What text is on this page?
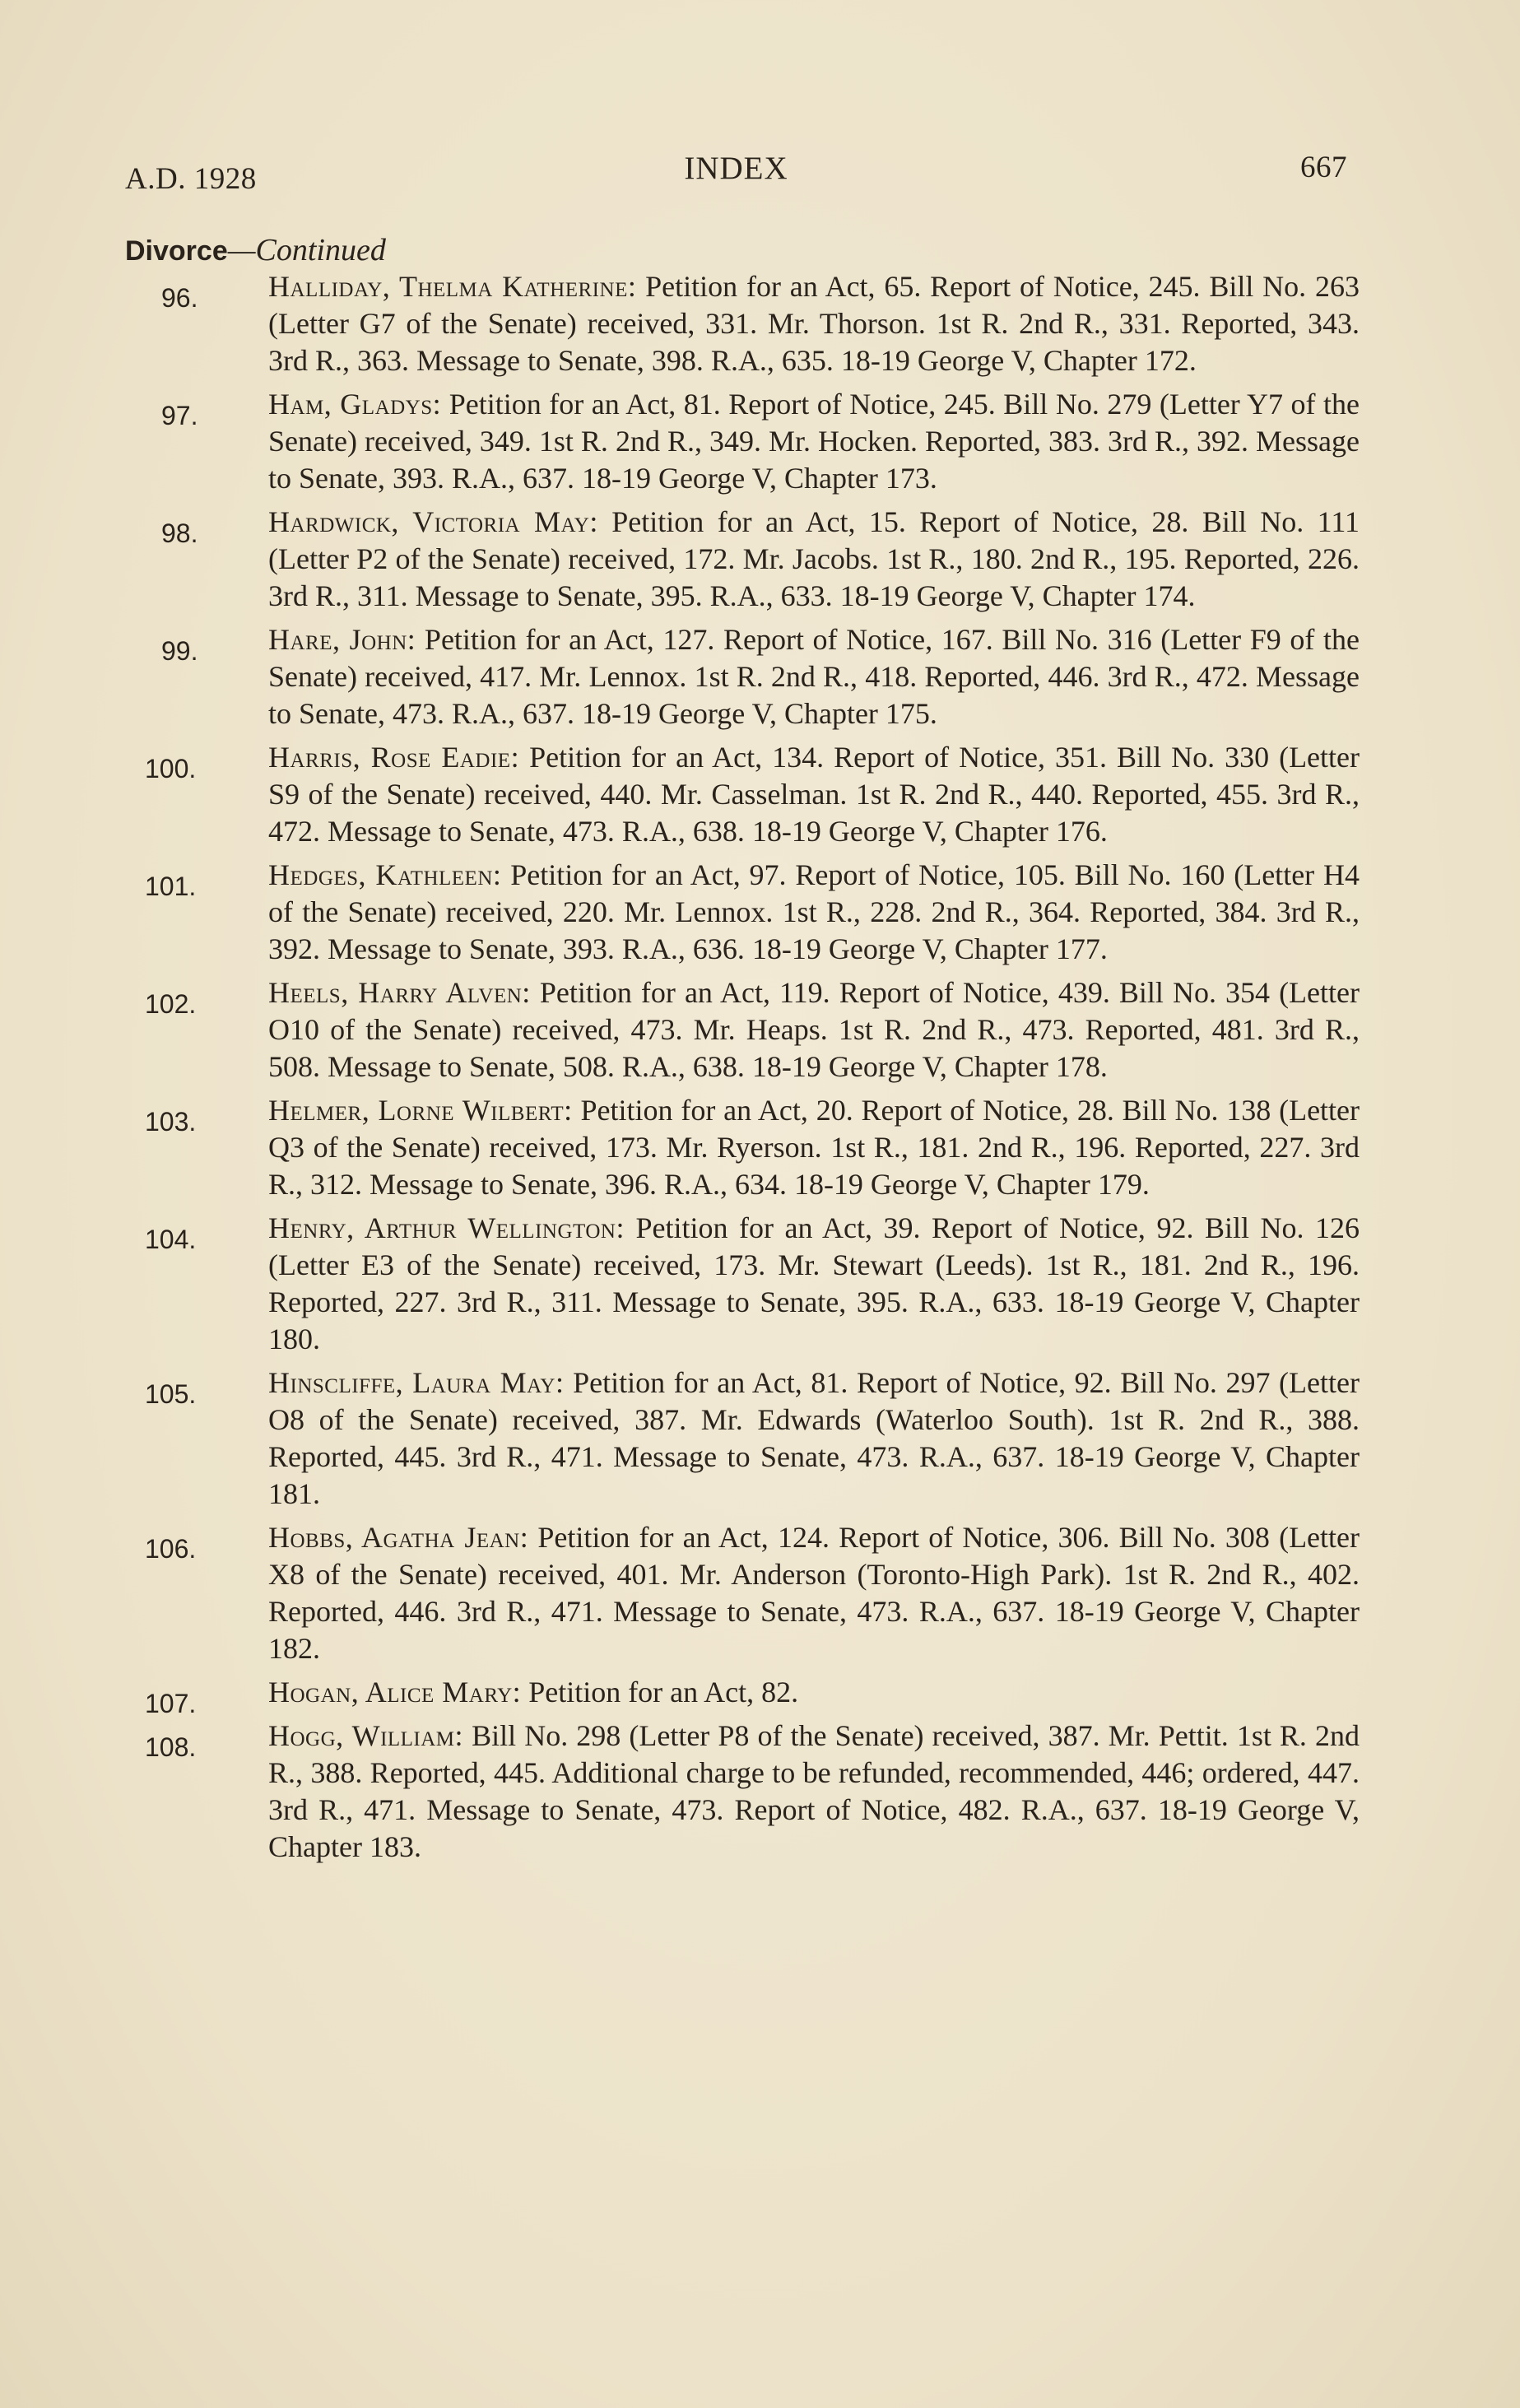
A.D. 1928	INDEX	667
Divorce—Continued
96.	Halliday, Thelma Katherine: Petition for an Act, 65. Report of Notice, 245. Bill No. 263 (Letter G7 of the Senate) received, 331. Mr. Thorson. 1st R. 2nd R., 331. Reported, 343. 3rd R., 363. Message to Senate, 398. R.A., 635. 18-19 George V, Chapter 172.
97.	Ham, Gladys: Petition for an Act, 81. Report of Notice, 245. Bill No. 279 (Letter Y7 of the Senate) received, 349. 1st R. 2nd R., 349. Mr. Hocken. Reported, 383. 3rd R., 392. Message to Senate, 393. R.A., 637. 18-19 George V, Chapter 173.
98.	Hardwick, Victoria May: Petition for an Act, 15. Report of Notice, 28. Bill No. 111 (Letter P2 of the Senate) received, 172. Mr. Jacobs. 1st R., 180. 2nd R., 195. Reported, 226. 3rd R., 311. Message to Senate, 395. R.A., 633. 18-19 George V, Chapter 174.
99.	Hare, John: Petition for an Act, 127. Report of Notice, 167. Bill No. 316 (Letter F9 of the Senate) received, 417. Mr. Lennox. 1st R. 2nd R., 418. Reported, 446. 3rd R., 472. Message to Senate, 473. R.A., 637. 18-19 George V, Chapter 175.
100.	Harris, Rose Eadie: Petition for an Act, 134. Report of Notice, 351. Bill No. 330 (Letter S9 of the Senate) received, 440. Mr. Casselman. 1st R. 2nd R., 440. Reported, 455. 3rd R., 472. Message to Senate, 473. R.A., 638. 18-19 George V, Chapter 176.
101.	Hedges, Kathleen: Petition for an Act, 97. Report of Notice, 105. Bill No. 160 (Letter H4 of the Senate) received, 220. Mr. Lennox. 1st R., 228. 2nd R., 364. Reported, 384. 3rd R., 392. Message to Senate, 393. R.A., 636. 18-19 George V, Chapter 177.
102.	Heels, Harry Alven: Petition for an Act, 119. Report of Notice, 439. Bill No. 354 (Letter O10 of the Senate) received, 473. Mr. Heaps. 1st R. 2nd R., 473. Reported, 481. 3rd R., 508. Message to Senate, 508. R.A., 638. 18-19 George V, Chapter 178.
103.	Helmer, Lorne Wilbert: Petition for an Act, 20. Report of Notice, 28. Bill No. 138 (Letter Q3 of the Senate) received, 173. Mr. Ryerson. 1st R., 181. 2nd R., 196. Reported, 227. 3rd R., 312. Message to Senate, 396. R.A., 634. 18-19 George V, Chapter 179.
104.	Henry, Arthur Wellington: Petition for an Act, 39. Report of Notice, 92. Bill No. 126 (Letter E3 of the Senate) received, 173. Mr. Stewart (Leeds). 1st R., 181. 2nd R., 196. Reported, 227. 3rd R., 311. Message to Senate, 395. R.A., 633. 18-19 George V, Chapter 180.
105.	Hinscliffe, Laura May: Petition for an Act, 81. Report of Notice, 92. Bill No. 297 (Letter O8 of the Senate) received, 387. Mr. Edwards (Waterloo South). 1st R. 2nd R., 388. Reported, 445. 3rd R., 471. Message to Senate, 473. R.A., 637. 18-19 George V, Chapter 181.
106.	Hobbs, Agatha Jean: Petition for an Act, 124. Report of Notice, 306. Bill No. 308 (Letter X8 of the Senate) received, 401. Mr. Anderson (Toronto-High Park). 1st R. 2nd R., 402. Reported, 446. 3rd R., 471. Message to Senate, 473. R.A., 637. 18-19 George V, Chapter 182.
107.	Hogan, Alice Mary: Petition for an Act, 82.
108.	Hogg, William: Bill No. 298 (Letter P8 of the Senate) received, 387. Mr. Pettit. 1st R. 2nd R., 388. Reported, 445. Additional charge to be refunded, recommended, 446; ordered, 447. 3rd R., 471. Message to Senate, 473. Report of Notice, 482. R.A., 637. 18-19 George V, Chapter 183.
